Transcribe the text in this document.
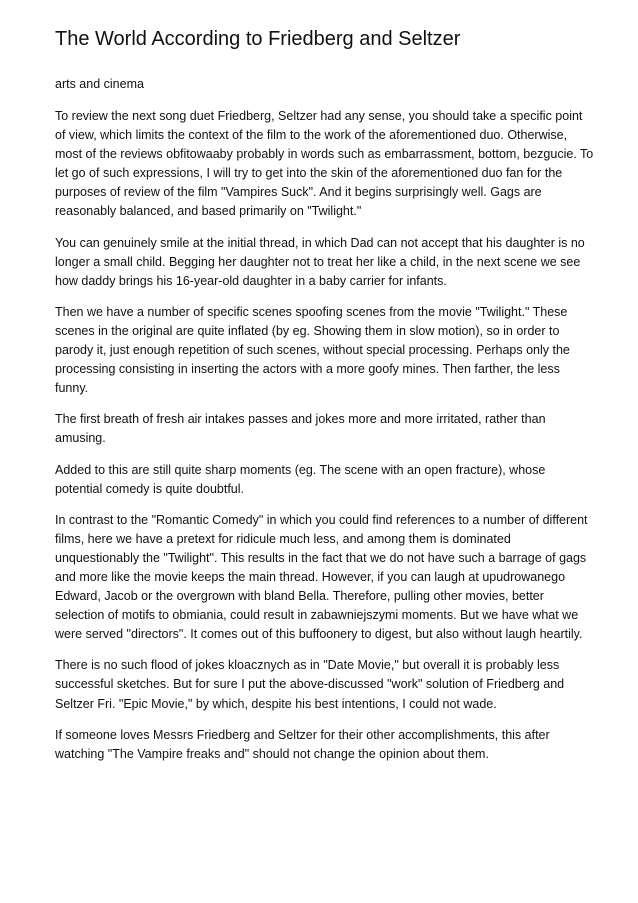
The World According to Friedberg and Seltzer
arts and cinema

To review the next song duet Friedberg, Seltzer had any sense, you should take a specific point of view, which limits the context of the film to the work of the aforementioned duo. Otherwise, most of the reviews obfitowaaby probably in words such as embarrassment, bottom, bezgucie. To let go of such expressions, I will try to get into the skin of the aforementioned duo fan for the purposes of review of the film "Vampires Suck". And it begins surprisingly well. Gags are reasonably balanced, and based primarily on "Twilight."

You can genuinely smile at the initial thread, in which Dad can not accept that his daughter is no longer a small child. Begging her daughter not to treat her like a child, in the next scene we see how daddy brings his 16-year-old daughter in a baby carrier for infants.

Then we have a number of specific scenes spoofing scenes from the movie "Twilight." These scenes in the original are quite inflated (by eg. Showing them in slow motion), so in order to parody it, just enough repetition of such scenes, without special processing. Perhaps only the processing consisting in inserting the actors with a more goofy mines. Then farther, the less funny.

The first breath of fresh air intakes passes and jokes more and more irritated, rather than amusing.

Added to this are still quite sharp moments (eg. The scene with an open fracture), whose potential comedy is quite doubtful.

In contrast to the "Romantic Comedy" in which you could find references to a number of different films, here we have a pretext for ridicule much less, and among them is dominated unquestionably the "Twilight". This results in the fact that we do not have such a barrage of gags and more like the movie keeps the main thread. However, if you can laugh at upudrowanego Edward, Jacob or the overgrown with bland Bella. Therefore, pulling other movies, better selection of motifs to obmiania, could result in zabawniejszymi moments. But we have what we were served "directors". It comes out of this buffoonery to digest, but also without laugh heartily.

There is no such flood of jokes kloacznych as in "Date Movie," but overall it is probably less successful sketches. But for sure I put the above-discussed "work" solution of Friedberg and Seltzer Fri. "Epic Movie," by which, despite his best intentions, I could not wade.

If someone loves Messrs Friedberg and Seltzer for their other accomplishments, this after watching "The Vampire freaks and" should not change the opinion about them.
